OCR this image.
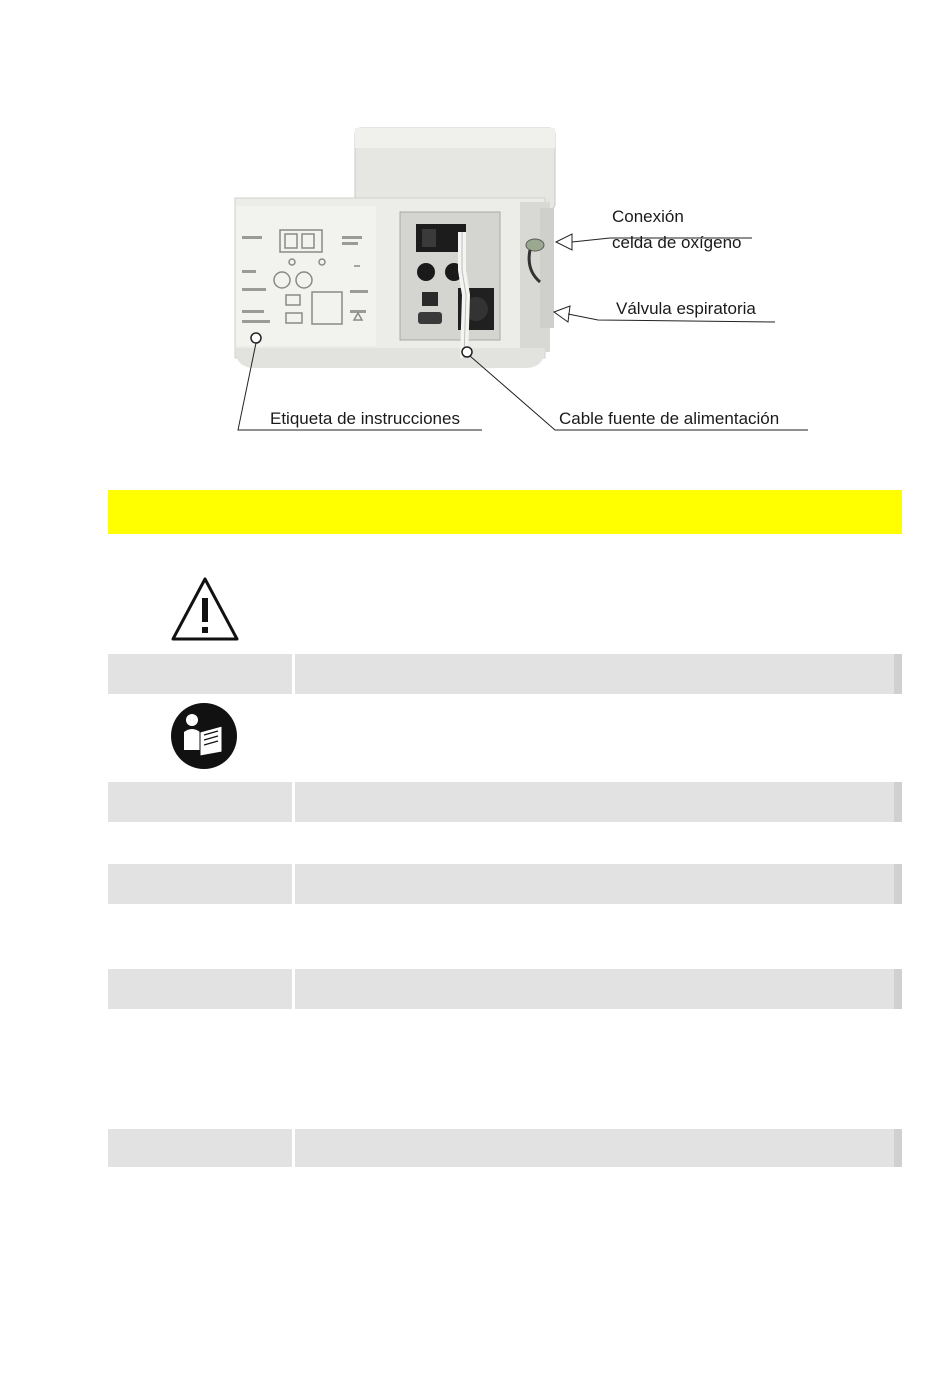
Conexión
celda de oxígeno
Válvula espiratoria
Etiqueta de instrucciones	Cable fuente de alimentación
